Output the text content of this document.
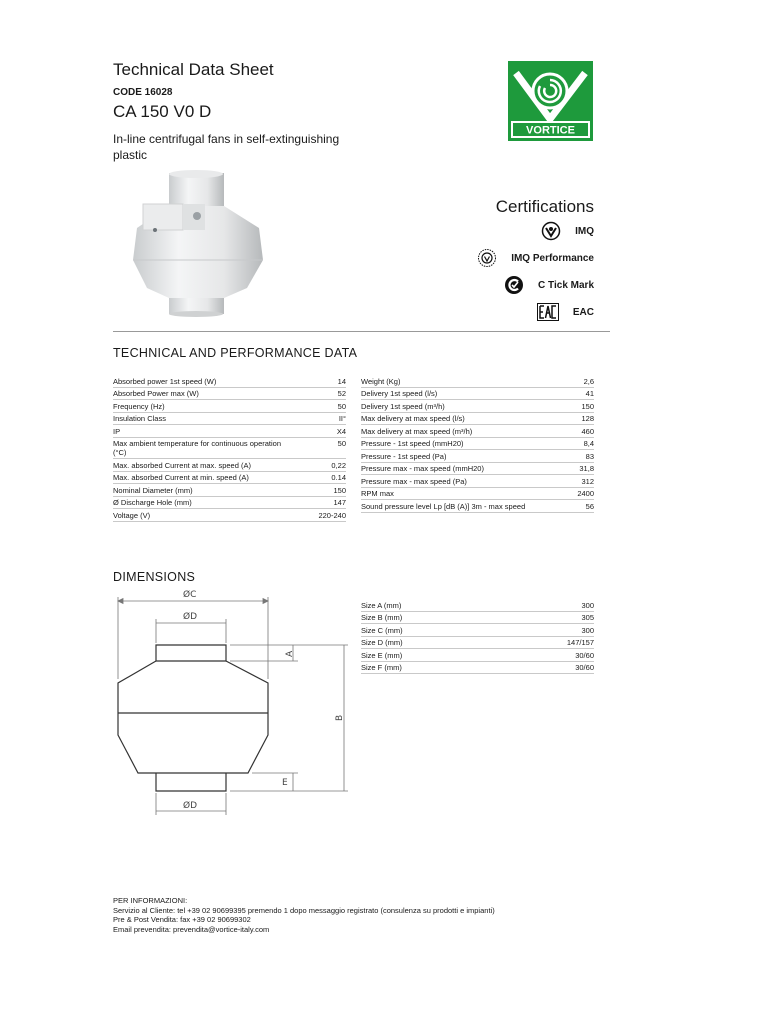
Technical Data Sheet
CODE 16028
CA 150 V0 D
In-line centrifugal fans in self-extinguishing plastic
VORTICE
Certifications
IMQ
IMQ Performance
C Tick Mark
EAC
TECHNICAL AND PERFORMANCE DATA
Absorbed power 1st speed (W)	14
Absorbed Power max (W)	52
Frequency (Hz)	50
Insulation Class	II°
IP	X4
Max ambient temperature for continuous operation (°C)	50
Max. absorbed Current at max. speed (A)	0,22
Max. absorbed Current at min. speed (A)	0.14
Nominal Diameter (mm)	150
Ø Discharge Hole (mm)	147
Voltage (V)	220-240
Weight (Kg)	2,6
Delivery 1st speed (l/s)	41
Delivery 1st speed (m³/h)	150
Max delivery at max speed (l/s)	128
Max delivery at max speed (m³/h)	460
Pressure - 1st speed (mmH20)	8,4
Pressure - 1st speed (Pa)	83
Pressure max - max speed (mmH20)	31,8
Pressure max - max speed (Pa)	312
RPM max	2400
Sound pressure level Lp [dB (A)] 3m - max speed	56
DIMENSIONS
ØC
ØD
ØD
A
B
E
Size A (mm)	300
Size B (mm)	305
Size C (mm)	300
Size D (mm)	147/157
Size E (mm)	30/60
Size F (mm)	30/60
PER INFORMAZIONI:
Servizio al Cliente: tel +39 02 90699395 premendo 1 dopo messaggio registrato (consulenza su prodotti e impianti)
Pre & Post Vendita: fax +39 02 90699302
Email prevendita: prevendita@vortice-italy.com
